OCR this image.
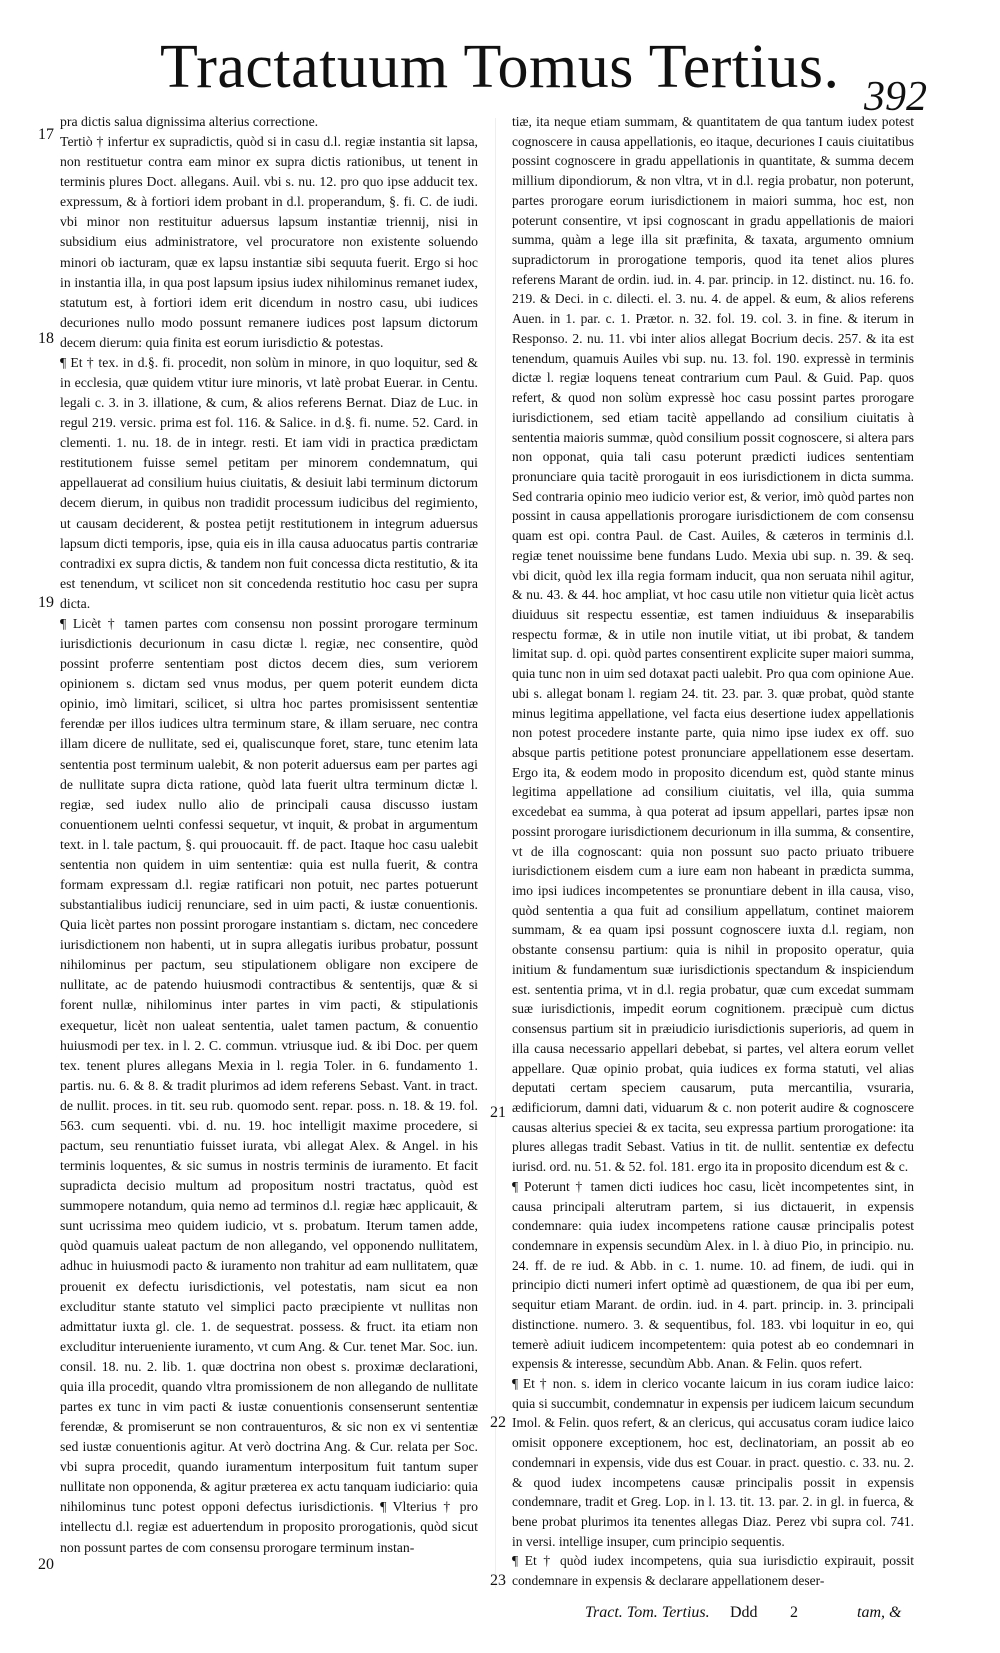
Tractatuum Tomus Tertius. 392

pra dictis salua dignissima alterius correctione.

Tertiò † infertur ex supradictis, quòd si in casu d.l. regiæ instantia sit lapsa, non restituetur contra eam minor ex supra dictis rationibus, ut tenent in terminis plures Doct. allegans. Auil. vbi s. nu. 12. pro quo ipse adducit tex. expressum, & à fortiori idem probant in d.l. properandum, §. fi. C. de iudi. vbi minor non restituitur aduersus lapsum instantiæ triennij, nisi in subsidium eius administratore, vel procuratore non existente soluendo minori ob iacturam, quæ ex lapsu instantiæ sibi sequuta fuerit. Ergo si hoc in instantia illa, in qua post lapsum ipsius iudex nihilominus remanet iudex, statutum est, à fortiori idem erit dicendum in nostro casu, ubi iudices decuriones nullo modo possunt remanere iudices post lapsum dictorum decem dierum: quia finita est eorum iurisdictio & potestas.

¶ Et † tex. in d.§. fi. procedit, non solùm in minore, in quo loquitur, sed & in ecclesia, quæ quidem vtitur iure minoris, vt latè probat Euerar. in Centu. legali c. 3. in 3. illatione, & cum, & alios referens Bernat. Diaz de Luc. in regul 219. versic. prima est fol. 116. & Salice. in d.§. fi. nume. 52. Card. in clementi. 1. nu. 18. de in integr. resti. Et iam vidi in practica prædictam restitutionem fuisse semel petitam per minorem condemnatum, qui appellauerat ad consilium huius ciuitatis, & desiuit labi terminum dictorum decem dierum, in quibus non tradidit processum iudicibus del regimiento, ut causam deciderent, & postea petijt restitutionem in integrum aduersus lapsum dicti temporis, ipse, quia eis in illa causa aduocatus partis contrariæ contradixi ex supra dictis, & tandem non fuit concessa dicta restitutio, & ita est tenendum, vt scilicet non sit concedenda restitutio hoc casu per supra dicta.

¶ Licèt † tamen partes com consensu non possint prorogare terminum iurisdictionis decurionum in casu dictæ l. regiæ, nec consentire, quòd possint proferre sententiam post dictos decem dies, sum veriorem opinionem s. dictam sed vnus modus, per quem poterit eundem dicta opinio, imò limitari, scilicet, si ultra hoc partes promisissent sententiæ ferendæ per illos iudices ultra terminum stare, & illam seruare, nec contra illam dicere de nullitate, sed ei, qualiscunque foret, stare, tunc etenim lata sententia post terminum ualebit, & non poterit aduersus eam per partes agi de nullitate supra dicta ratione, quòd lata fuerit ultra terminum dictæ l. regiæ, sed iudex nullo alio de principali causa discusso iustam conuentionem uelnti confessi sequetur, vt inquit, & probat in argumentum text. in l. tale pactum, §. qui prouocauit. ff. de pact. Itaque hoc casu ualebit sententia non quidem in uim sententiæ: quia est nulla fuerit, & contra formam expressam d.l. regiæ ratificari non potuit, nec partes potuerunt substantialibus iudicij renunciare, sed in uim pacti, & iustæ conuentionis. Quia licèt partes non possint prorogare instantiam s. dictam, nec concedere iurisdictionem non habenti, ut in supra allegatis iuribus probatur, possunt nihilominus per pactum, seu stipulationem obligare non excipere de nullitate, ac de patendo huiusmodi contractibus & sententijs, quæ & si forent nullæ, nihilominus inter partes in vim pacti, & stipulationis exequetur, licèt non ualeat sententia, ualet tamen pactum, & conuentio huiusmodi per tex. in l. 2. C. commun. vtriusque iud. & ibi Doc. per quem tex. tenent plures allegans Mexia in l. regia Toler. in 6. fundamento 1. partis. nu. 6. & 8. & tradit plurimos ad idem referens Sebast. Vant. in tract. de nullit. proces. in tit. seu rub. quomodo sent. repar. poss. n. 18. & 19. fol. 563. cum sequenti. vbi. d. nu. 19. hoc intelligit maxime procedere, si pactum, seu renuntiatio fuisset iurata, vbi allegat Alex. & Angel. in his terminis loquentes, & sic sumus in nostris terminis de iuramento. Et facit supradicta decisio multum ad propositum nostri tractatus, quòd est summopere notandum, quia nemo ad terminos d.l. regiæ hæc applicauit, & sunt ucrissima meo quidem iudicio, vt s. probatum. Iterum tamen adde, quòd quamuis ualeat pactum de non allegando, vel opponendo nullitatem, adhuc in huiusmodi pacto & iuramento non trahitur ad eam nullitatem, quæ prouenit ex defectu iurisdictionis, vel potestatis, nam sicut ea non excluditur stante statuto vel simplici pacto præcipiente vt nullitas non admittatur iuxta gl. cle. 1. de sequestrat. possess. & fruct. ita etiam non excluditur interueniente iuramento, vt cum Ang. & Cur. tenet Mar. Soc. iun. consil. 18. nu. 2. lib. 1. quæ doctrina non obest s. proximæ declarationi, quia illa procedit, quando vltra promissionem de non allegando de nullitate partes ex tunc in vim pacti & iustæ conuentionis consenserunt sententiæ ferendæ, & promiserunt se non contrauenturos, & sic non ex vi sententiæ sed iustæ conuentionis agitur. At verò doctrina Ang. & Cur. relata per Soc. vbi supra procedit, quando iuramentum interpositum fuit tantum super nullitate non opponenda, & agitur præterea ex actu tanquam iudiciario: quia nihilominus tunc potest opponi defectus iurisdictionis. ¶ Vlterius † pro intellectu d.l. regiæ est aduertendum in proposito prorogationis, quòd sicut non possunt partes de com consensu prorogare terminum instan-

17
18
19
20

tiæ, ita neque etiam summam, & quantitatem de qua tantum iudex potest cognoscere in causa appellationis, eo itaque, decuriones I cauis ciuitatibus possint cognoscere in gradu appellationis in quantitate, & summa decem millium dipondiorum, & non vltra, vt in d.l. regia probatur, non poterunt, partes prorogare eorum iurisdictionem in maiori summa, hoc est, non poterunt consentire, vt ipsi cognoscant in gradu appellationis de maiori summa, quàm a lege illa sit præfinita, & taxata, argumento omnium supradictorum in prorogatione temporis, quod ita tenet alios plures referens Marant de ordin. iud. in. 4. par. princip. in 12. distinct. nu. 16. fo. 219. & Deci. in c. dilecti. el. 3. nu. 4. de appel. & eum, & alios referens Auen. in 1. par. c. 1. Prætor. n. 32. fol. 19. col. 3. in fine. & iterum in Responso. 2. nu. 11. vbi inter alios allegat Bocrium decis. 257. & ita est tenendum, quamuis Auiles vbi sup. nu. 13. fol. 190. expressè in terminis dictæ l. regiæ loquens teneat contrarium cum Paul. & Guid. Pap. quos refert, & quod non solùm expressè hoc casu possint partes prorogare iurisdictionem, sed etiam tacitè appellando ad consilium ciuitatis à sententia maioris summæ, quòd consilium possit cognoscere, si altera pars non opponat, quia tali casu poterunt prædicti iudices sententiam pronunciare quia tacitè prorogauit in eos iurisdictionem in dicta summa. Sed contraria opinio meo iudicio verior est, & verior, imò quòd partes non possint in causa appellationis prorogare iurisdictionem de com consensu quam est opi. contra Paul. de Cast. Auiles, & cæteros in terminis d.l. regiæ tenet nouissime bene fundans Ludo. Mexia ubi sup. n. 39. & seq. vbi dicit, quòd lex illa regia formam inducit, qua non seruata nihil agitur, & nu. 43. & 44. hoc ampliat, vt hoc casu utile non vitietur quia licèt actus diuiduus sit respectu essentiæ, est tamen indiuiduus & inseparabilis respectu formæ, & in utile non inutile vitiat, ut ibi probat, & tandem limitat sup. d. opi. quòd partes consentirent explicite super maiori summa, quia tunc non in uim sed dotaxat pacti ualebit. Pro qua com opinione Aue. ubi s. allegat bonam l. regiam 24. tit. 23. par. 3. quæ probat, quòd stante minus legitima appellatione, vel facta eius desertione iudex appellationis non potest procedere instante parte, quia nimo ipse iudex ex off. suo absque partis petitione potest pronunciare appellationem esse desertam. Ergo ita, & eodem modo in proposito dicendum est, quòd stante minus legitima appellatione ad consilium ciuitatis, vel illa, quia summa excedebat ea summa, à qua poterat ad ipsum appellari, partes ipsæ non possint prorogare iurisdictionem decurionum in illa summa, & consentire, vt de illa cognoscant: quia non possunt suo pacto priuato tribuere iurisdictionem eisdem cum a iure eam non habeant in prædicta summa, imo ipsi iudices incompetentes se pronuntiare debent in illa causa, viso, quòd sententia a qua fuit ad consilium appellatum, continet maiorem summam, & ea quam ipsi possunt cognoscere iuxta d.l. regiam, non obstante consensu partium: quia is nihil in proposito operatur, quia initium & fundamentum suæ iurisdictionis spectandum & inspiciendum est. sententia prima, vt in d.l. regia probatur, quæ cum excedat summam suæ iurisdictionis, impedit eorum cognitionem. præcipuè cum dictus consensus partium sit in præiudicio iurisdictionis superioris, ad quem in illa causa necessario appellari debebat, si partes, vel altera eorum vellet appellare. Quæ opinio probat, quia iudices ex forma statuti, vel alias deputati certam speciem causarum, puta mercantilia, vsuraria, ædificiorum, damni dati, viduarum & c. non poterit audire & cognoscere causas alterius speciei & ex tacita, seu expressa partium prorogatione: ita plures allegas tradit Sebast. Vatius in tit. de nullit. sententiæ ex defectu iurisd. ord. nu. 51. & 52. fol. 181. ergo ita in proposito dicendum est & c.

¶ Poterunt † tamen dicti iudices hoc casu, licèt incompetentes sint, in causa principali alterutram partem, si ius dictauerit, in expensis condemnare: quia iudex incompetens ratione causæ principalis potest condemnare in expensis secundùm Alex. in l. à diuo Pio, in principio. nu. 24. ff. de re iud. & Abb. in c. 1. nume. 10. ad finem, de iudi. qui in principio dicti numeri infert optimè ad quæstionem, de qua ibi per eum, sequitur etiam Marant. de ordin. iud. in 4. part. princip. in. 3. principali distinctione. numero. 3. & sequentibus, fol. 183. vbi loquitur in eo, qui temerè adiuit iudicem incompetentem: quia potest ab eo condemnari in expensis & interesse, secundùm Abb. Anan. & Felin. quos refert.

¶ Et † non. s. idem in clerico vocante laicum in ius coram iudice laico: quia si succumbit, condemnatur in expensis per iudicem laicum secundum Imol. & Felin. quos refert, & an clericus, qui accusatus coram iudice laico omisit opponere exceptionem, hoc est, declinatoriam, an possit ab eo condemnari in expensis, vide dus est Couar. in pract. questio. c. 33. nu. 2. & quod iudex incompetens causæ principalis possit in expensis condemnare, tradit et Greg. Lop. in l. 13. tit. 13. par. 2. in gl. in fuerca, & bene probat plurimos ita tenentes allegas Diaz. Perez vbi supra col. 741. in versi. intellige insuper, cum principio sequentis.

¶ Et † quòd iudex incompetens, quia sua iurisdictio expirauit, possit condemnare in expensis & declarare appellationem deser-

21
22
23
Tract. Tom. Tertius. Ddd 2	tam, &
